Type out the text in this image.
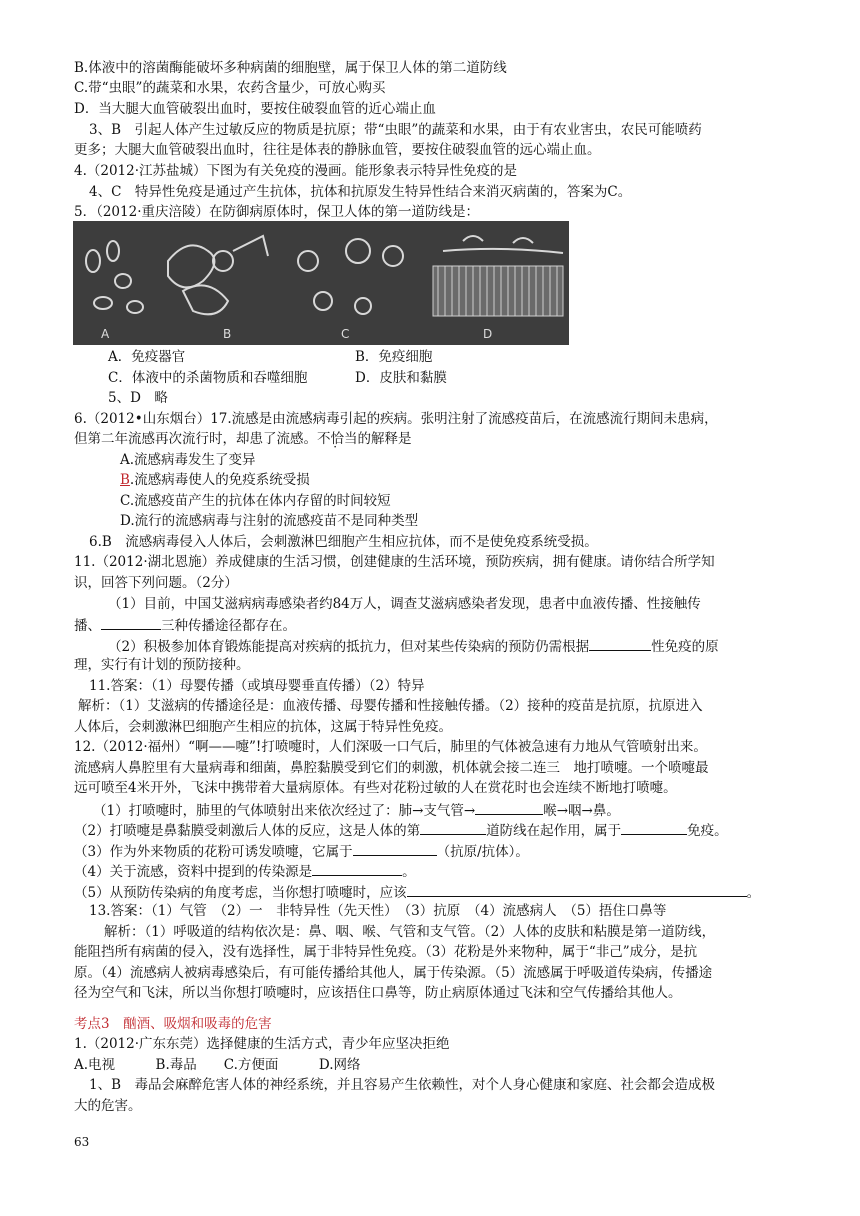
B.体液中的溶菌酶能破坏多种病菌的细胞壁，属于保卫人体的第二道防线
C.带“虫眼”的蔬菜和水果，农药含量少，可放心购买
D．当大腿大血管破裂出血时，要按住破裂血管的近心端止血
3、B　引起人体产生过敏反应的物质是抗原；带“虫眼”的蔬菜和水果，由于有农业害虫，农民可能喷药
更多；大腿大血管破裂出血时，往往是体表的静脉血管，要按住破裂血管的远心端止血。
4.（2012·江苏盐城）下图为有关免疫的漫画。能形象表示特异性免疫的是
4、C　特异性免疫是通过产生抗体，抗体和抗原发生特异性结合来消灭病菌的，答案为C。
5．（2012·重庆涪陵）在防御病原体时，保卫人体的第一道防线是：
A	B	C	D
A．免疫器官	B．免疫细胞
C．体液中的杀菌物质和吞噬细胞	D．皮肤和黏膜
5、D　略
6.（2012•山东烟台）17.流感是由流感病毒引起的疾病。张明注射了流感疫苗后，在流感流行期间未患病，
但第二年流感再次流行时，却患了流感。不恰当的解释是
A.流感病毒发生了变异
B.流感病毒使人的免疫系统受损
C.流感疫苗产生的抗体在体内存留的时间较短
D.流行的流感病毒与注射的流感疫苗不是同种类型
6.B　流感病毒侵入人体后，会刺激淋巴细胞产生相应抗体，而不是使免疫系统受损。
11.（2012·湖北恩施）养成健康的生活习惯，创建健康的生活环境，预防疾病，拥有健康。请你结合所学知
识，回答下列问题。（2分）
（1）目前，中国艾滋病病毒感染者约84万人，调查艾滋病感染者发现，患者中血液传播、性接触传
播、	三种传播途径都存在。
（2）积极参加体育锻炼能提高对疾病的抵抗力，但对某些传染病的预防仍需根据	性免疫的原
理，实行有计划的预防接种。
11.答案：（1）母婴传播（或填母婴垂直传播）（2）特异
解析：（1）艾滋病的传播途径是：血液传播、母婴传播和性接触传播。（2）接种的疫苗是抗原，抗原进入
人体后，会刺激淋巴细胞产生相应的抗体，这属于特异性免疫。
12.（2012·福州）“啊——嚏”!打喷嚏时，人们深吸一口气后，肺里的气体被急速有力地从气管喷射出来。
流感病人鼻腔里有大量病毒和细菌，鼻腔黏膜受到它们的刺激，机体就会接二连三　地打喷嚏。一个喷嚏最
远可喷至4米开外，飞沫中携带着大量病原体。有些对花粉过敏的人在赏花时也会连续不断地打喷嚏。
（1）打喷嚏时，肺里的气体喷射出来依次经过了：肺→支气管→	喉→咽→鼻。
（2）打喷嚏是鼻黏膜受刺激后人体的反应，这是人体的第	道防线在起作用，属于	免疫。
（3）作为外来物质的花粉可诱发喷嚏，它属于	（抗原/抗体）。
（4）关于流感，资料中提到的传染源是	。
（5）从预防传染病的角度考虑，当你想打喷嚏时，应该	。
13.答案：（1）气管　（2）一　非特异性（先天性）　（3）抗原　（4）流感病人　（5）捂住口鼻等
解析：（1）呼吸道的结构依次是：鼻、咽、喉、气管和支气管。（2）人体的皮肤和粘膜是第一道防线，
能阻挡所有病菌的侵入，没有选择性，属于非特异性免疫。（3）花粉是外来物种，属于“非己”成分，是抗
原。（4）流感病人被病毒感染后，有可能传播给其他人，属于传染源。（5）流感属于呼吸道传染病，传播途
径为空气和飞沫，所以当你想打喷嚏时，应该捂住口鼻等，防止病原体通过飞沫和空气传播给其他人。
考点3　酗酒、吸烟和吸毒的危害
1.（2012·广东东莞）选择健康的生活方式，青少年应坚决拒绝
A.电视　　　B.毒品　　C.方便面　　　D.网络
1、B　毒品会麻醉危害人体的神经系统，并且容易产生依赖性，对个人身心健康和家庭、社会都会造成极
大的危害。
63
